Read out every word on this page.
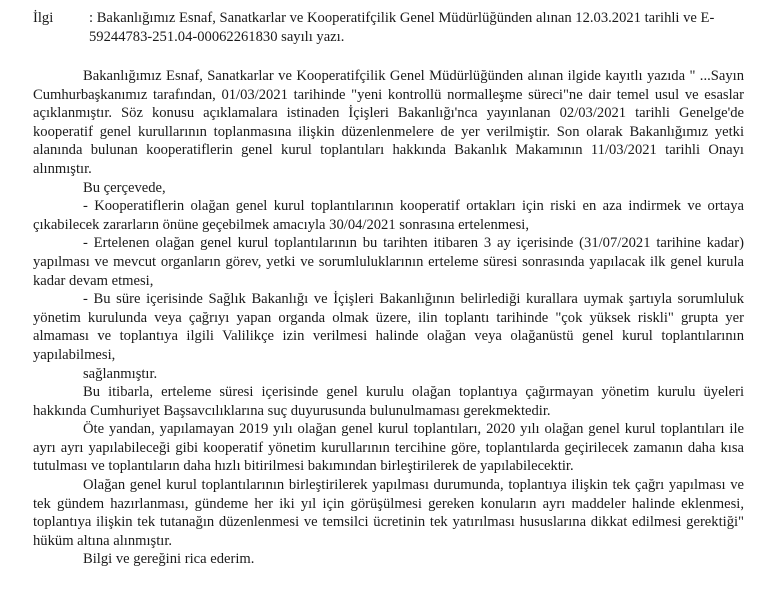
İlgi : Bakanlığımız Esnaf, Sanatkarlar ve Kooperatifçilik Genel Müdürlüğünden alınan 12.03.2021 tarihli ve E-59244783-251.04-00062261830 sayılı yazı.

Bakanlığımız Esnaf, Sanatkarlar ve Kooperatifçilik Genel Müdürlüğünden alınan ilgide kayıtlı yazıda " ...Sayın Cumhurbaşkanımız tarafından, 01/03/2021 tarihinde "yeni kontrollü normalleşme süreci"ne dair temel usul ve esaslar açıklanmıştır. Söz konusu açıklamalara istinaden İçişleri Bakanlığı'nca yayınlanan 02/03/2021 tarihli Genelge'de kooperatif genel kurullarının toplanmasına ilişkin düzenlenmelere de yer verilmiştir. Son olarak Bakanlığımız yetki alanında bulunan kooperatiflerin genel kurul toplantıları hakkında Bakanlık Makamının 11/03/2021 tarihli Onayı alınmıştır.

Bu çerçevede,

- Kooperatiflerin olağan genel kurul toplantılarının kooperatif ortakları için riski en aza indirmek ve ortaya çıkabilecek zararların önüne geçebilmek amacıyla 30/04/2021 sonrasına ertelenmesi,

- Ertelenen olağan genel kurul toplantılarının bu tarihten itibaren 3 ay içerisinde (31/07/2021 tarihine kadar) yapılması ve mevcut organların görev, yetki ve sorumluluklarının erteleme süresi sonrasında yapılacak ilk genel kurula kadar devam etmesi,

- Bu süre içerisinde Sağlık Bakanlığı ve İçişleri Bakanlığının belirlediği kurallara uymak şartıyla sorumluluk yönetim kurulunda veya çağrıyı yapan organda olmak üzere, ilin toplantı tarihinde "çok yüksek riskli" grupta yer almaması ve toplantıya ilgili Valilikçe izin verilmesi halinde olağan veya olağanüstü genel kurul toplantılarının yapılabilmesi,

sağlanmıştır.

Bu itibarla, erteleme süresi içerisinde genel kurulu olağan toplantıya çağırmayan yönetim kurulu üyeleri hakkında Cumhuriyet Başsavcılıklarına suç duyurusunda bulunulmaması gerekmektedir.

Öte yandan, yapılamayan 2019 yılı olağan genel kurul toplantıları, 2020 yılı olağan genel kurul toplantıları ile ayrı ayrı yapılabileceği gibi kooperatif yönetim kurullarının tercihine göre, toplantılarda geçirilecek zamanın daha kısa tutulması ve toplantıların daha hızlı bitirilmesi bakımından birleştirilerek de yapılabilecektir.

Olağan genel kurul toplantılarının birleştirilerek yapılması durumunda, toplantıya ilişkin tek çağrı yapılması ve tek gündem hazırlanması, gündeme her iki yıl için görüşülmesi gereken konuların ayrı maddeler halinde eklenmesi, toplantıya ilişkin tek tutanağın düzenlenmesi ve temsilci ücretinin tek yatırılması hususlarına dikkat edilmesi gerektiği" hüküm altına alınmıştır.

Bilgi ve gereğini rica ederim.
